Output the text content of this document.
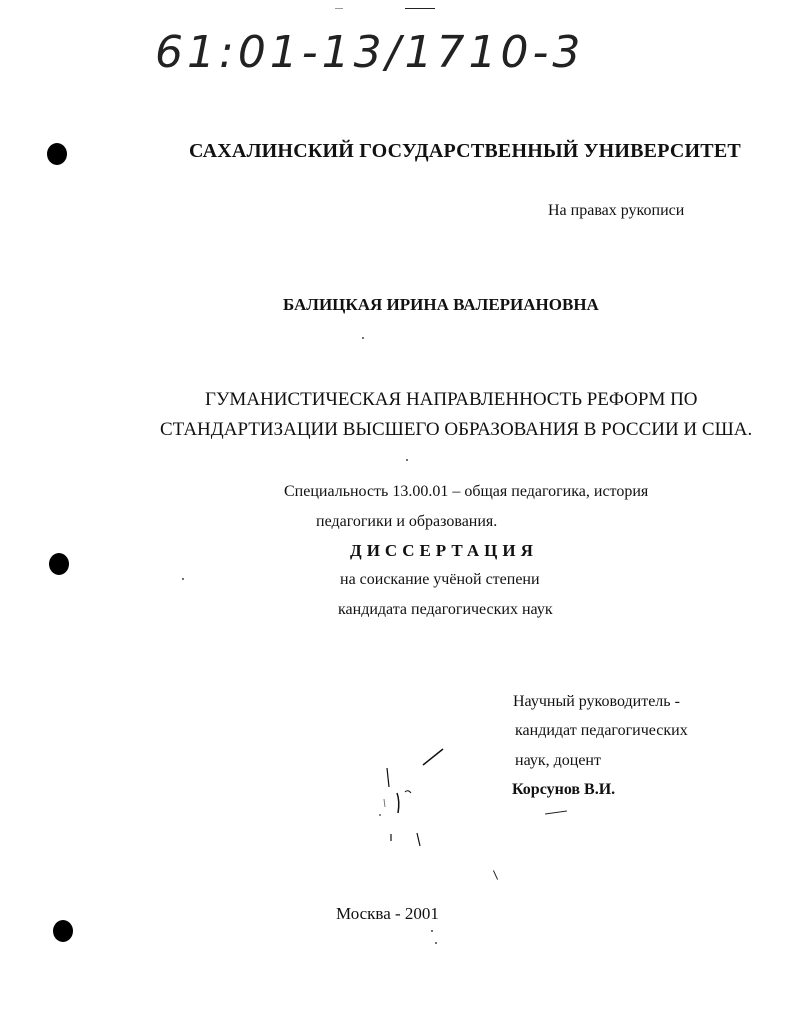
61:01-13/1710-3
САХАЛИНСКИЙ ГОСУДАРСТВЕННЫЙ УНИВЕРСИТЕТ
На правах рукописи
БАЛИЦКАЯ ИРИНА ВАЛЕРИАНОВНА
ГУМАНИСТИЧЕСКАЯ НАПРАВЛЕННОСТЬ РЕФОРМ ПО
СТАНДАРТИЗАЦИИ ВЫСШЕГО ОБРАЗОВАНИЯ В РОССИИ И США.
Специальность 13.00.01 – общая педагогика, история
педагогики и образования.
ДИССЕРТАЦИЯ
на соискание учёной степени
кандидата педагогических наук
Научный руководитель -
кандидат педагогических
наук, доцент
Корсунов В.И.
Москва - 2001
